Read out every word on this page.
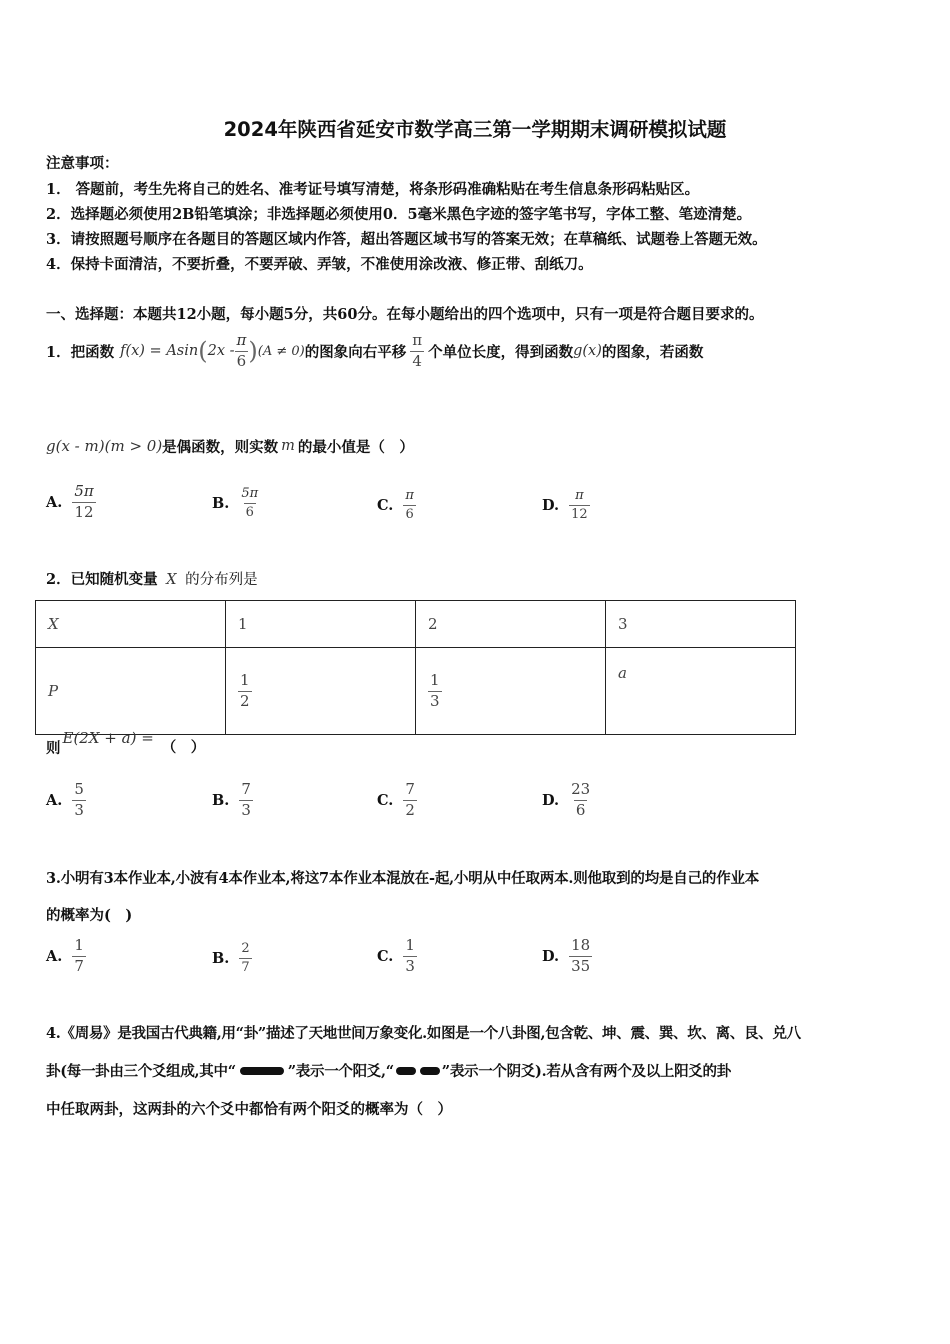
2024年陕西省延安市数学高三第一学期期末调研模拟试题
注意事项：
1． 答题前，考生先将自己的姓名、准考证号填写清楚，将条形码准确粘贴在考生信息条形码粘贴区。
2．选择题必须使用2B铅笔填涂；非选择题必须使用0．5毫米黑色字迹的签字笔书写，字体工整、笔迹清楚。
3．请按照题号顺序在各题目的答题区域内作答，超出答题区域书写的答案无效；在草稿纸、试题卷上答题无效。
4．保持卡面清洁，不要折叠，不要弄破、弄皱，不准使用涂改液、修正带、刮纸刀。
一、选择题：本题共12小题，每小题5分，共60分。在每小题给出的四个选项中，只有一项是符合题目要求的。
1．把函数 f(x) = Asin ( $2x - \frac{\pi}{6}$ ) (A ≠ 0) 的图象向右平移 $\frac{\pi}{4}$ 个单位长度，得到函数 g(x) 的图象，若函数
g(x - m)(m > 0) 是偶函数，则实数 m 的最小值是（　）
A. $\frac{5\pi}{12}$	B. $\frac{5\pi}{6}$	C. $\frac{\pi}{6}$	D. $\frac{\pi}{12}$
2．已知随机变量 X 的分布列是
X	1	2	3
P	$\frac{1}{2}$	$\frac{1}{3}$	a
则
E(2X + a) = （　）
A. $\frac{5}{3}$	B. $\frac{7}{3}$	C. $\frac{7}{2}$	D. $\frac{23}{6}$
3.小明有3本作业本,小波有4本作业本,将这7本作业本混放在-起,小明从中任取两本.则他取到的均是自己的作业本
的概率为(　)
A. $\frac{1}{7}$	B. $\frac{2}{7}$	C. $\frac{1}{3}$	D. $\frac{18}{35}$
4.《周易》是我国古代典籍,用“卦”描述了天地世间万象变化.如图是一个八卦图,包含乾、坤、震、巽、坎、离、艮、兑八
卦(每一卦由三个爻组成,其中“	”表示一个阳爻,“	”表示一个阴爻).若从含有两个及以上阳爻的卦
中任取两卦，这两卦的六个爻中都恰有两个阳爻的概率为（　）
